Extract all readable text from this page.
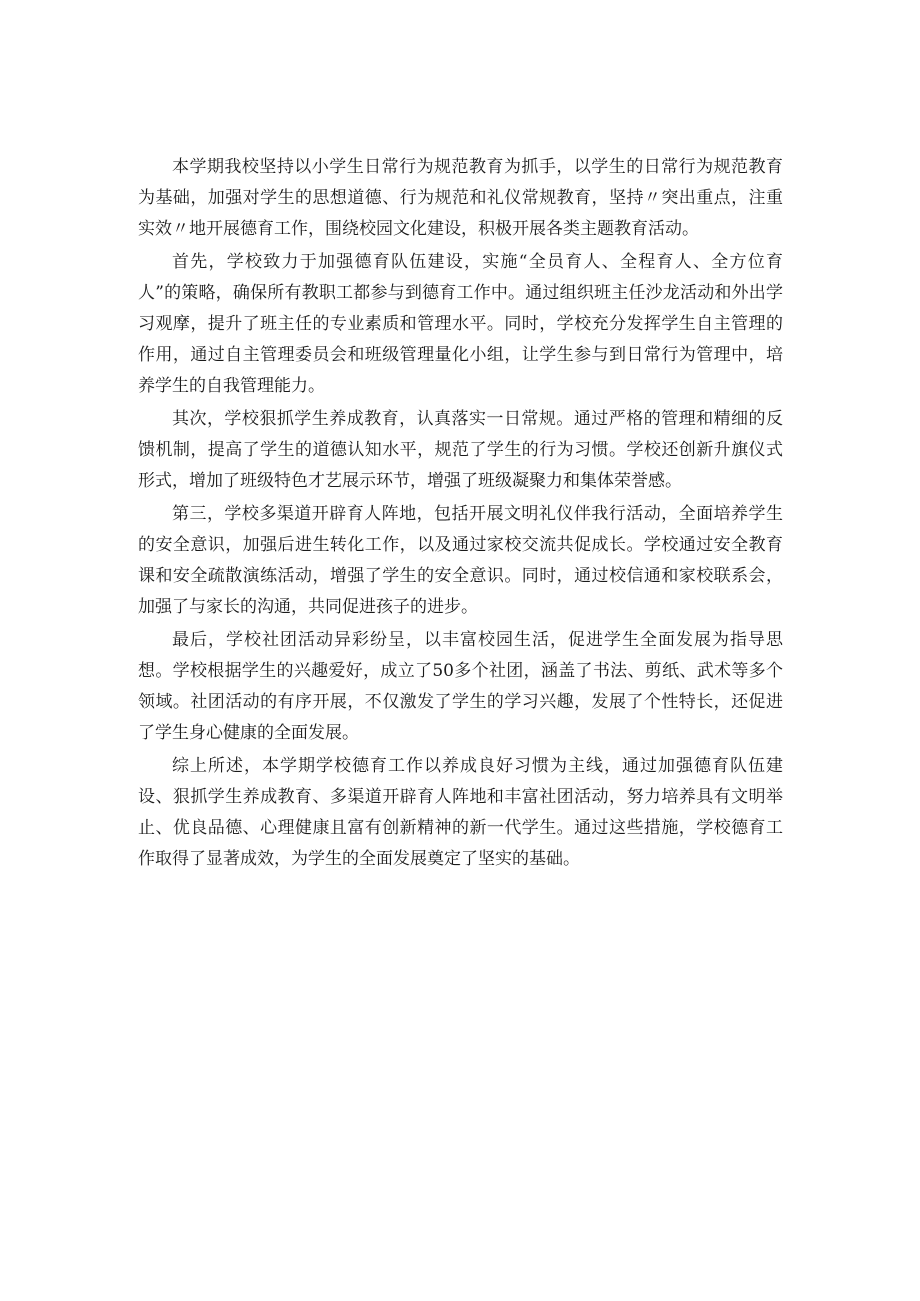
本学期我校坚持以小学生日常行为规范教育为抓手，以学生的日常行为规范教育为基础，加强对学生的思想道德、行为规范和礼仪常规教育，坚持〃突出重点，注重实效〃地开展德育工作，围绕校园文化建设，积极开展各类主题教育活动。

首先，学校致力于加强德育队伍建设，实施“全员育人、全程育人、全方位育人”的策略，确保所有教职工都参与到德育工作中。通过组织班主任沙龙活动和外出学习观摩，提升了班主任的专业素质和管理水平。同时，学校充分发挥学生自主管理的作用，通过自主管理委员会和班级管理量化小组，让学生参与到日常行为管理中，培养学生的自我管理能力。

其次，学校狠抓学生养成教育，认真落实一日常规。通过严格的管理和精细的反馈机制，提高了学生的道德认知水平，规范了学生的行为习惯。学校还创新升旗仪式形式，增加了班级特色才艺展示环节，增强了班级凝聚力和集体荣誉感。

第三，学校多渠道开辟育人阵地，包括开展文明礼仪伴我行活动，全面培养学生的安全意识，加强后进生转化工作，以及通过家校交流共促成长。学校通过安全教育课和安全疏散演练活动，增强了学生的安全意识。同时，通过校信通和家校联系会，加强了与家长的沟通，共同促进孩子的进步。

最后，学校社团活动异彩纷呈，以丰富校园生活，促进学生全面发展为指导思想。学校根据学生的兴趣爱好，成立了50多个社团，涵盖了书法、剪纸、武术等多个领域。社团活动的有序开展，不仅激发了学生的学习兴趣，发展了个性特长，还促进了学生身心健康的全面发展。

综上所述，本学期学校德育工作以养成良好习惯为主线，通过加强德育队伍建设、狠抓学生养成教育、多渠道开辟育人阵地和丰富社团活动，努力培养具有文明举止、优良品德、心理健康且富有创新精神的新一代学生。通过这些措施，学校德育工作取得了显著成效，为学生的全面发展奠定了坚实的基础。
